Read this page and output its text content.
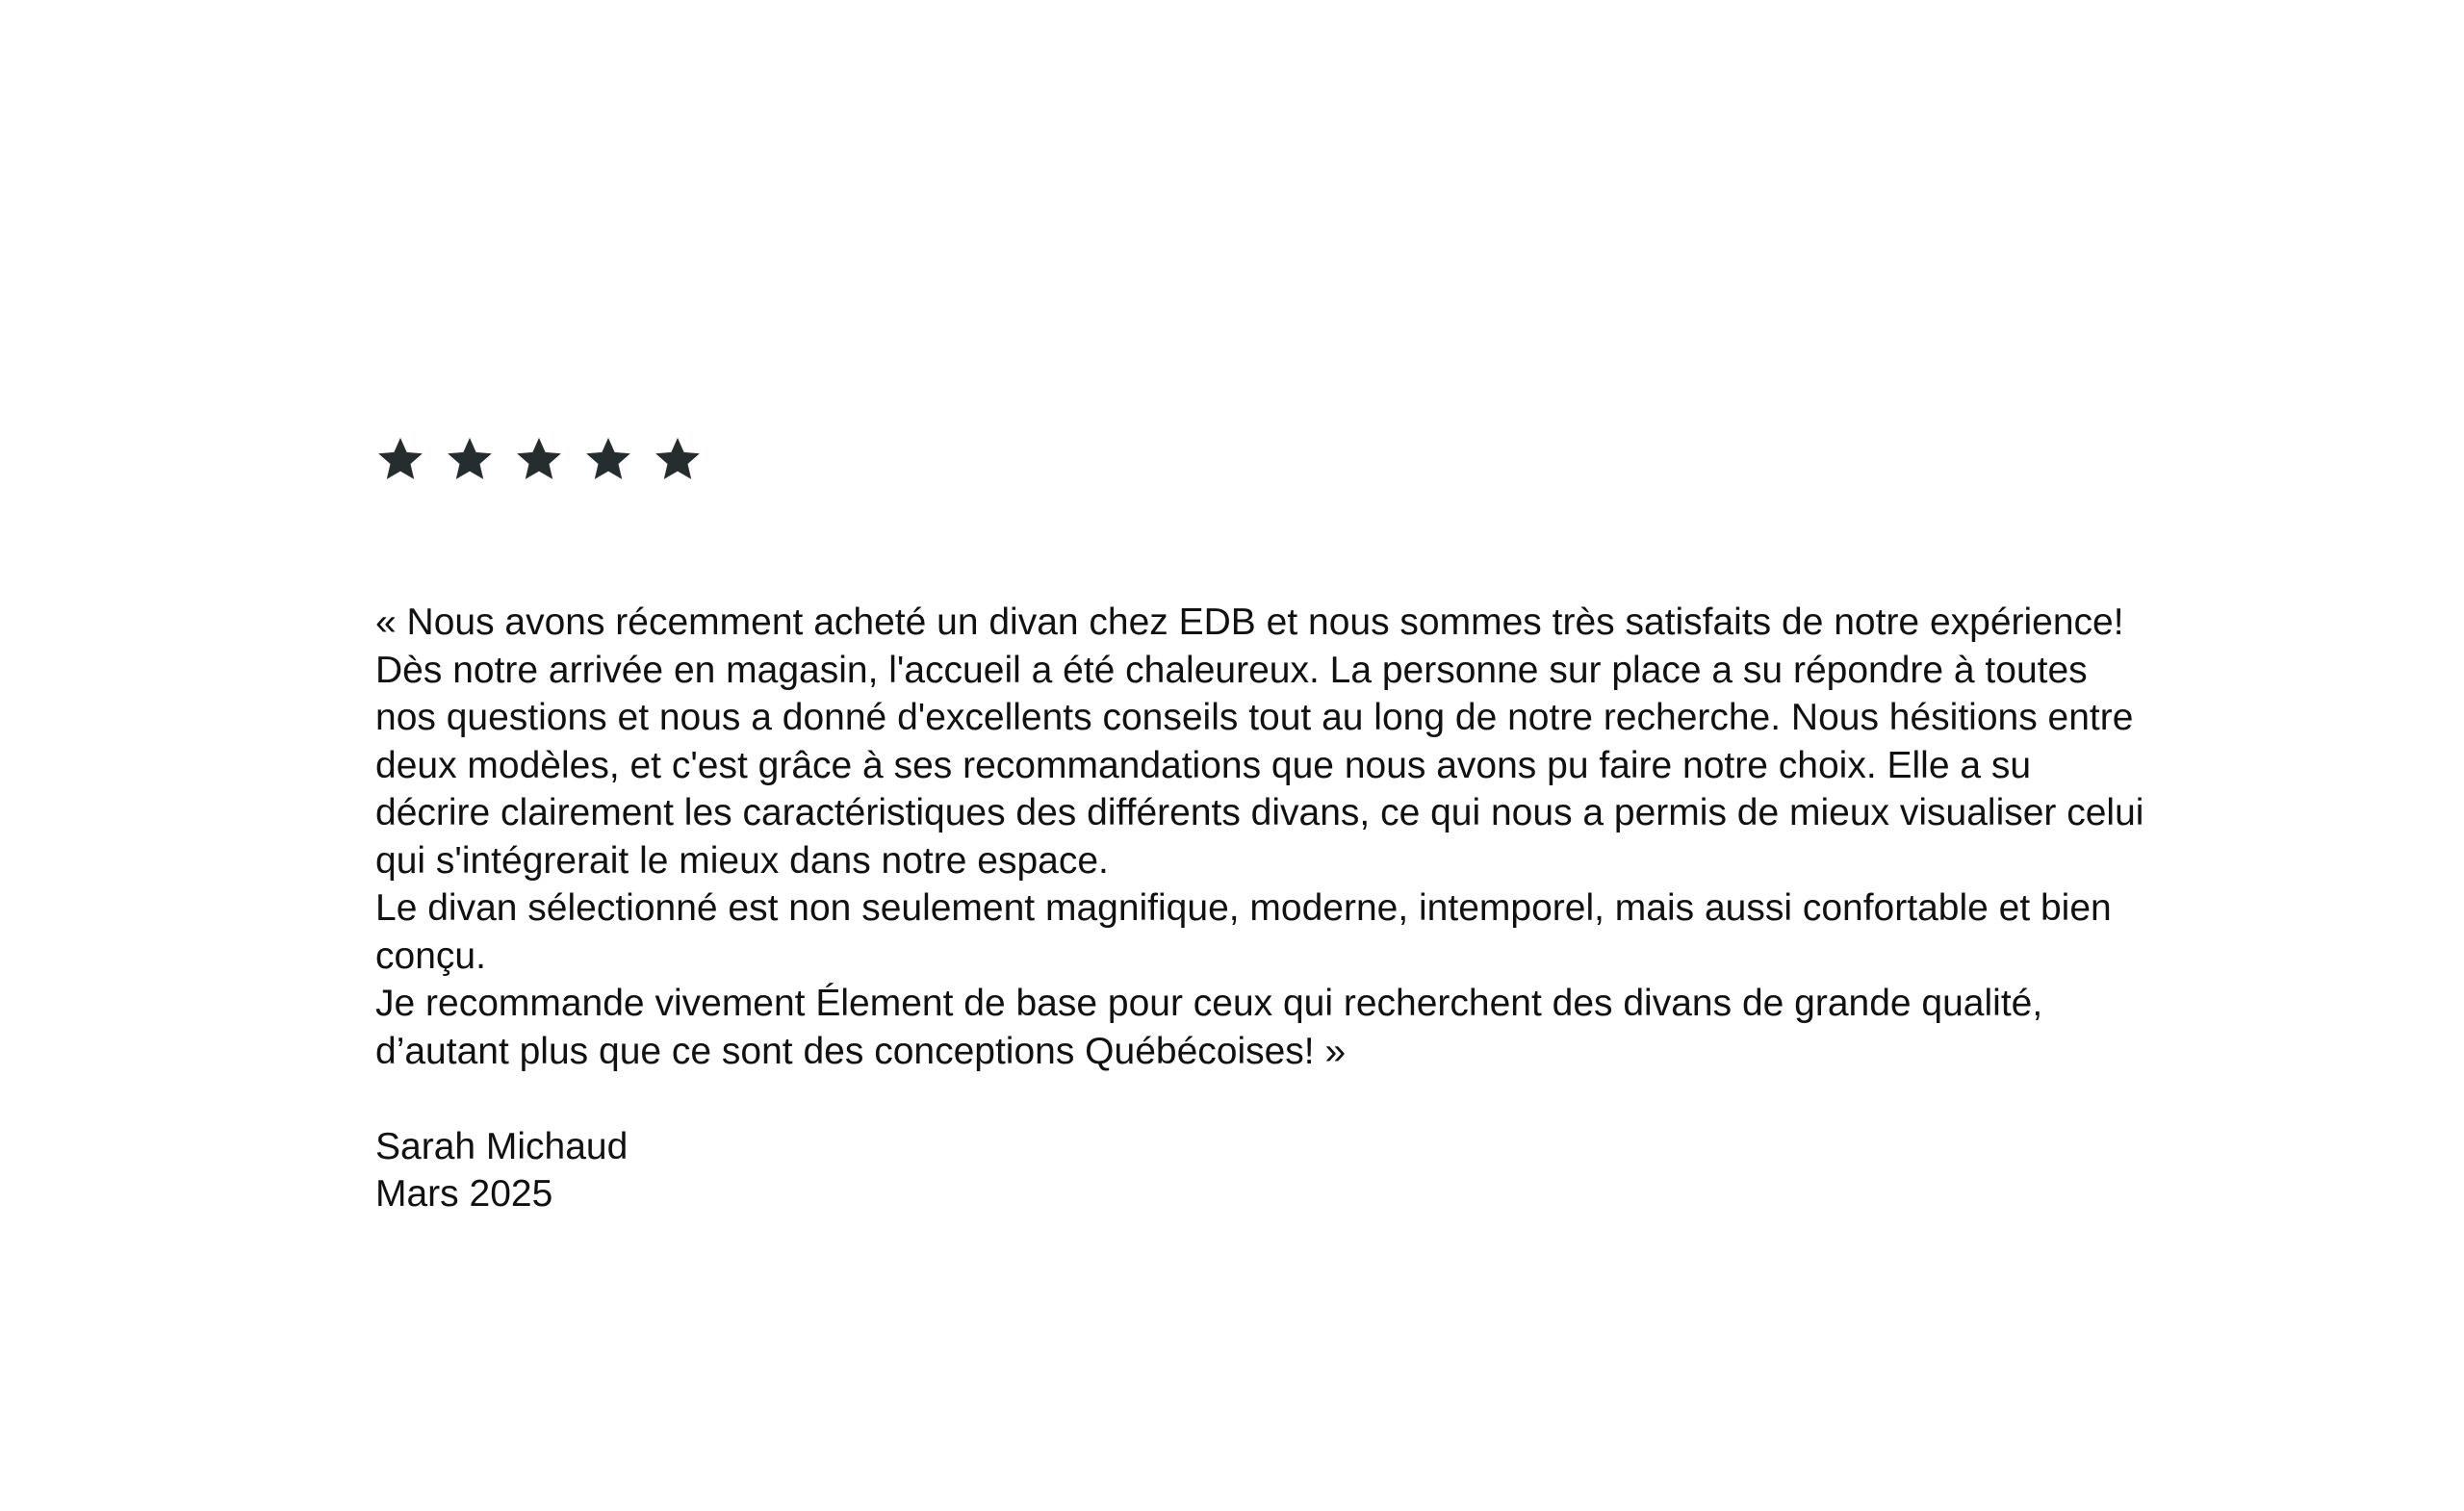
« Nous avons récemment acheté un divan chez EDB et nous sommes très satisfaits de notre expérience!

Dès notre arrivée en magasin, l'accueil a été chaleureux. La personne sur place a su répondre à toutes nos questions et nous a donné d'excellents conseils tout au long de notre recherche. Nous hésitions entre deux modèles, et c'est grâce à ses recommandations que nous avons pu faire notre choix. Elle a su décrire clairement les caractéristiques des différents divans, ce qui nous a permis de mieux visualiser celui qui s'intégrerait le mieux dans notre espace.

Le divan sélectionné est non seulement magnifique, moderne, intemporel, mais aussi confortable et bien conçu.

Je recommande vivement Élement de base pour ceux qui recherchent des divans de grande qualité, d’autant plus que ce sont des conceptions Québécoises! »

Sarah Michaud
Mars 2025
